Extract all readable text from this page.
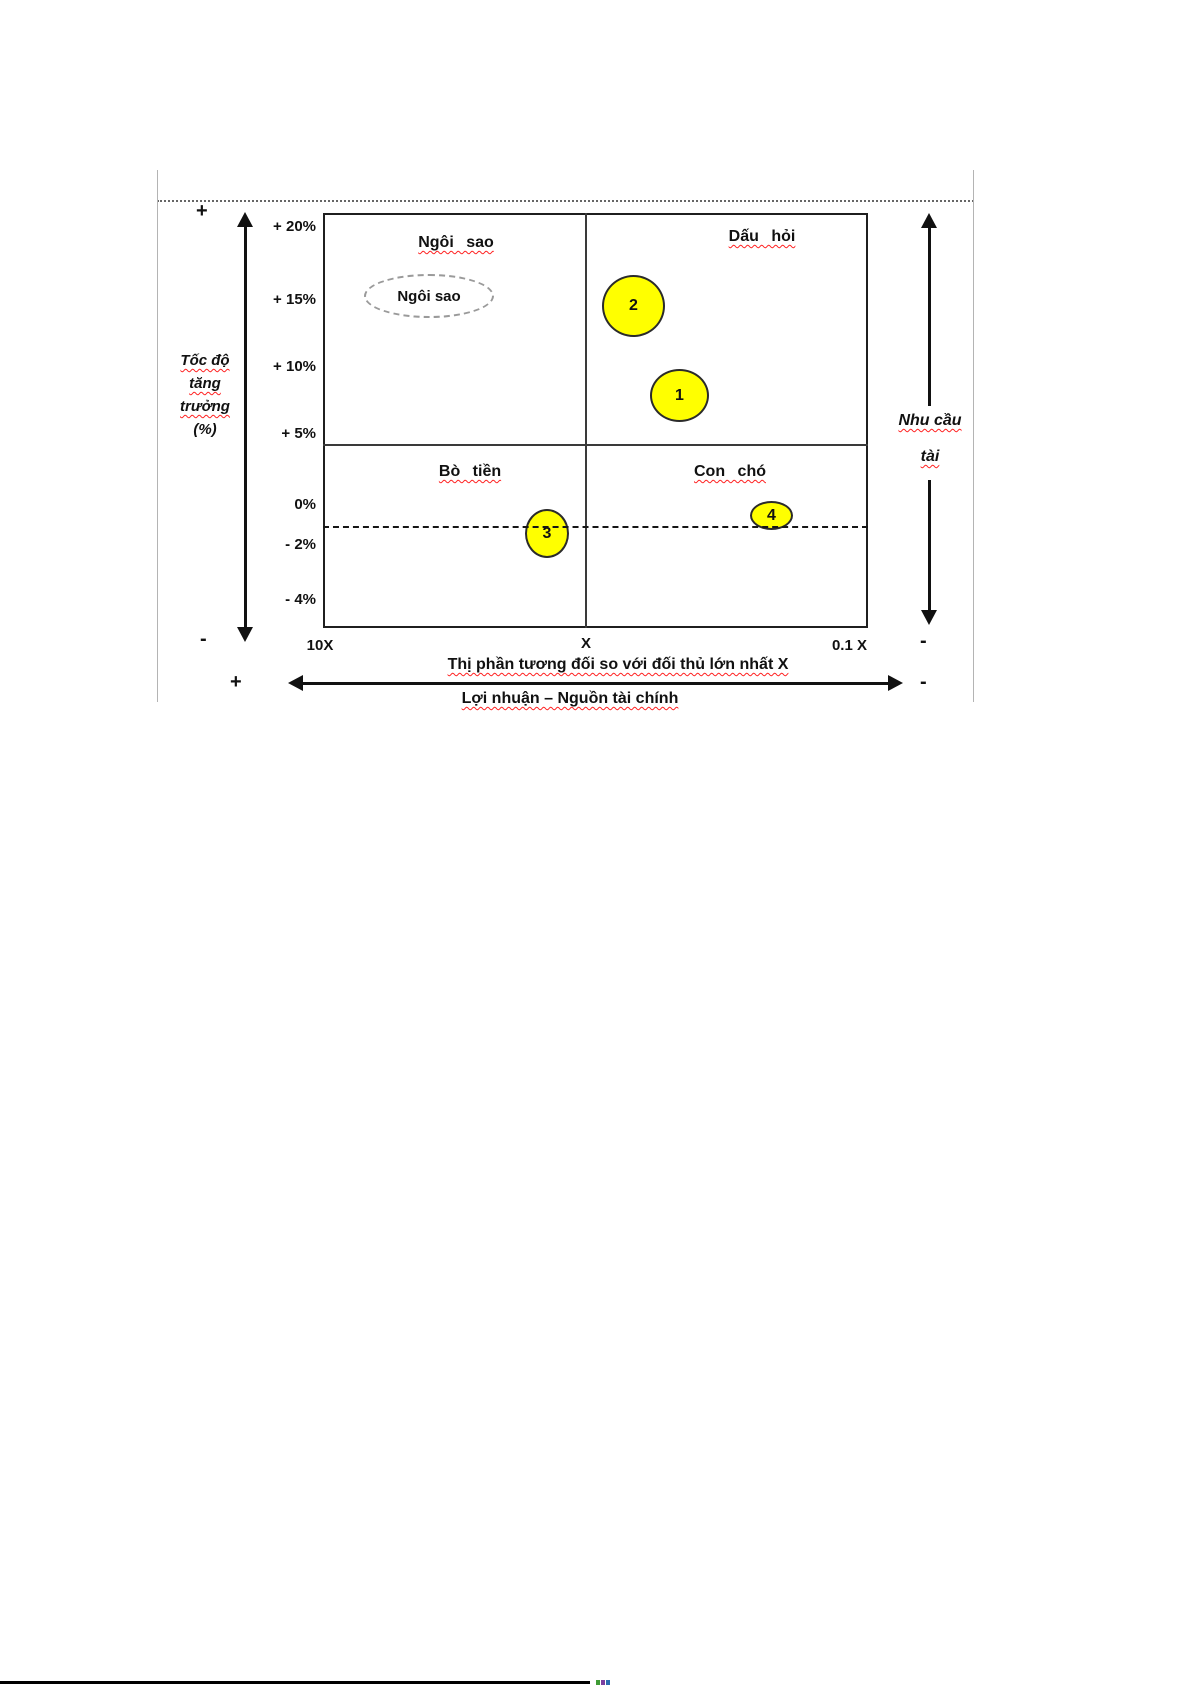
+
-
Tốc độ
tăng
trưởng
(%)
+ 20%
+ 15%
+ 10%
+ 5%
0%
- 2%
- 4%
Ngôi sao	Dấu hỏi
Bò tiền	Con chó
Ngôi sao
2
1
3
4
10X	X	0.1 X
Thị phần tương đối so với đối thủ lớn nhất X
+	-
Lợi nhuận – Nguồn tài chính
Nhu cầu
tài
-
